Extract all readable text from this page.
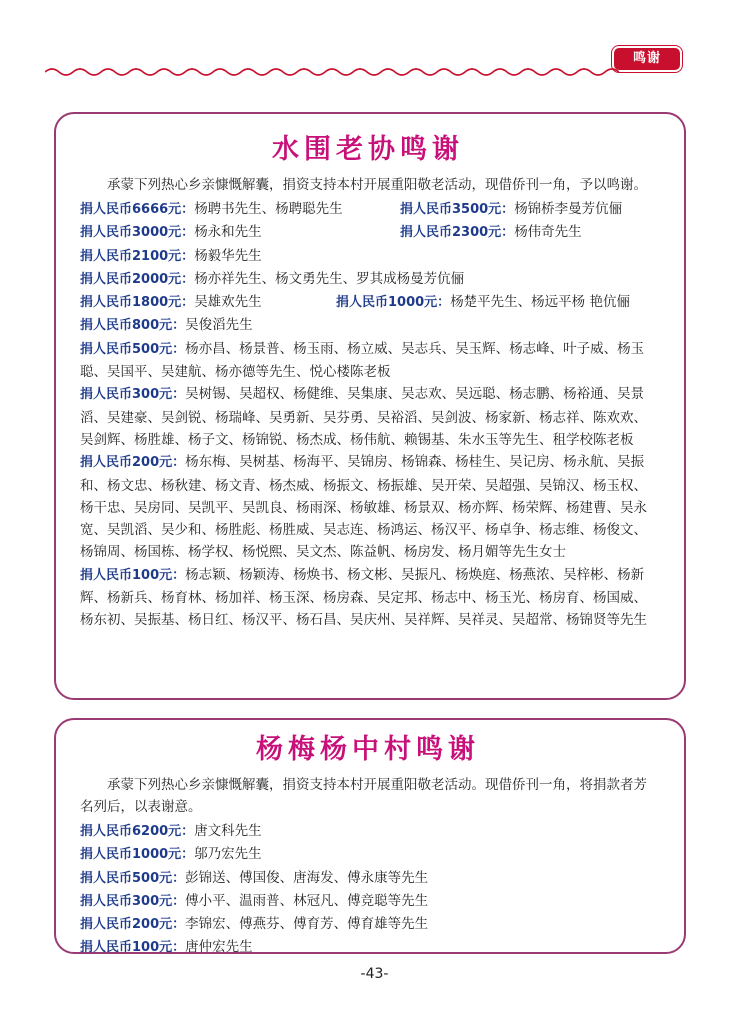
鸣谢
水围老协鸣谢

承蒙下列热心乡亲慷慨解囊，捐资支持本村开展重阳敬老活动，现借侨刊一角，予以鸣谢。

捐人民币6666元：杨聘书先生、杨聘聪先生	捐人民币3500元：杨锦桥李曼芳伉俪
捐人民币3000元：杨永和先生	捐人民币2300元：杨伟奇先生

捐人民币2100元：杨毅华先生

捐人民币2000元：杨亦祥先生、杨文勇先生、罗其成杨曼芳伉俪

捐人民币1800元：吴雄欢先生	捐人民币1000元：杨楚平先生、杨远平杨 艳伉俪

捐人民币800元：吴俊滔先生

捐人民币500元：杨亦昌、杨景普、杨玉雨、杨立威、吴志兵、吴玉辉、杨志峰、叶子威、杨玉聪、吴国平、吴建航、杨亦德等先生、悦心楼陈老板

捐人民币300元：吴树锡、吴超权、杨健维、吴集康、吴志欢、吴远聪、杨志鹏、杨裕通、吴景滔、吴建豪、吴剑锐、杨瑞峰、吴勇新、吴芬勇、吴裕滔、吴剑波、杨家新、杨志祥、陈欢欢、吴剑辉、杨胜雄、杨子文、杨锦锐、杨杰成、杨伟航、赖锡基、朱水玉等先生、租学校陈老板

捐人民币200元：杨东梅、吴树基、杨海平、吴锦房、杨锦森、杨桂生、吴记房、杨永航、吴振和、杨文忠、杨秋建、杨文青、杨杰威、杨振文、杨振雄、吴开荣、吴超强、吴锦汉、杨玉权、杨干忠、吴房同、吴凯平、吴凯良、杨雨深、杨敏雄、杨景双、杨亦辉、杨荣辉、杨建曹、吴永宽、吴凯滔、吴少和、杨胜彪、杨胜威、吴志连、杨鸿运、杨汉平、杨卓争、杨志维、杨俊文、杨锦周、杨国栋、杨学权、杨悦熙、吴文杰、陈益帆、杨房发、杨月媚等先生女士

捐人民币100元：杨志颖、杨颖涛、杨焕书、杨文彬、吴振凡、杨焕庭、杨燕浓、吴梓彬、杨新辉、杨新兵、杨育林、杨加祥、杨玉深、杨房森、吴定邦、杨志中、杨玉光、杨房育、杨国威、杨东初、吴振基、杨日红、杨汉平、杨石昌、吴庆州、吴祥辉、吴祥灵、吴超常、杨锦贤等先生

杨梅杨中村鸣谢

承蒙下列热心乡亲慷慨解囊，捐资支持本村开展重阳敬老活动。现借侨刊一角，将捐款者芳名列后，以表谢意。

捐人民币6200元：唐文科先生

捐人民币1000元：邬乃宏先生

捐人民币500元：彭锦送、傅国俊、唐海发、傅永康等先生

捐人民币300元：傅小平、温雨普、林冠凡、傅竞聪等先生

捐人民币200元：李锦宏、傅燕芬、傅育芳、傅育雄等先生

捐人民币100元：唐仲宏先生

-43-
